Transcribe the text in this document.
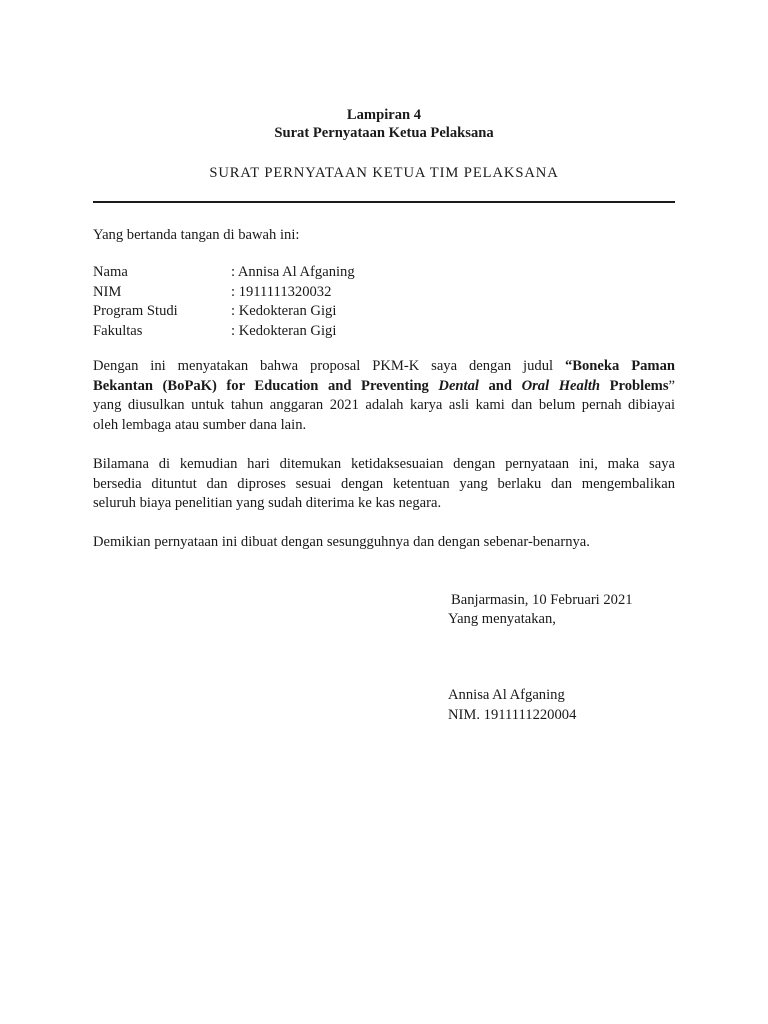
Lampiran 4
Surat Pernyataan Ketua Pelaksana
SURAT PERNYATAAN KETUA TIM PELAKSANA
Yang bertanda tangan di bawah ini:
Nama	: Annisa Al Afganing
NIM	: 1911111320032
Program Studi	: Kedokteran Gigi
Fakultas	: Kedokteran Gigi
Dengan ini menyatakan bahwa proposal PKM-K saya dengan judul “Boneka Paman
Bekantan (BoPaK) for Education and Preventing Dental and Oral Health Problems”
yang diusulkan untuk tahun anggaran 2021 adalah karya asli kami dan belum pernah dibiayai
oleh lembaga atau sumber dana lain.
Bilamana di kemudian hari ditemukan ketidaksesuaian dengan pernyataan ini, maka saya
bersedia dituntut dan diproses sesuai dengan ketentuan yang berlaku dan mengembalikan
seluruh biaya penelitian yang sudah diterima ke kas negara.
Demikian pernyataan ini dibuat dengan sesungguhnya dan dengan sebenar-benarnya.
Banjarmasin, 10 Februari 2021
Yang menyatakan,
Annisa Al Afganing
NIM. 1911111220004
